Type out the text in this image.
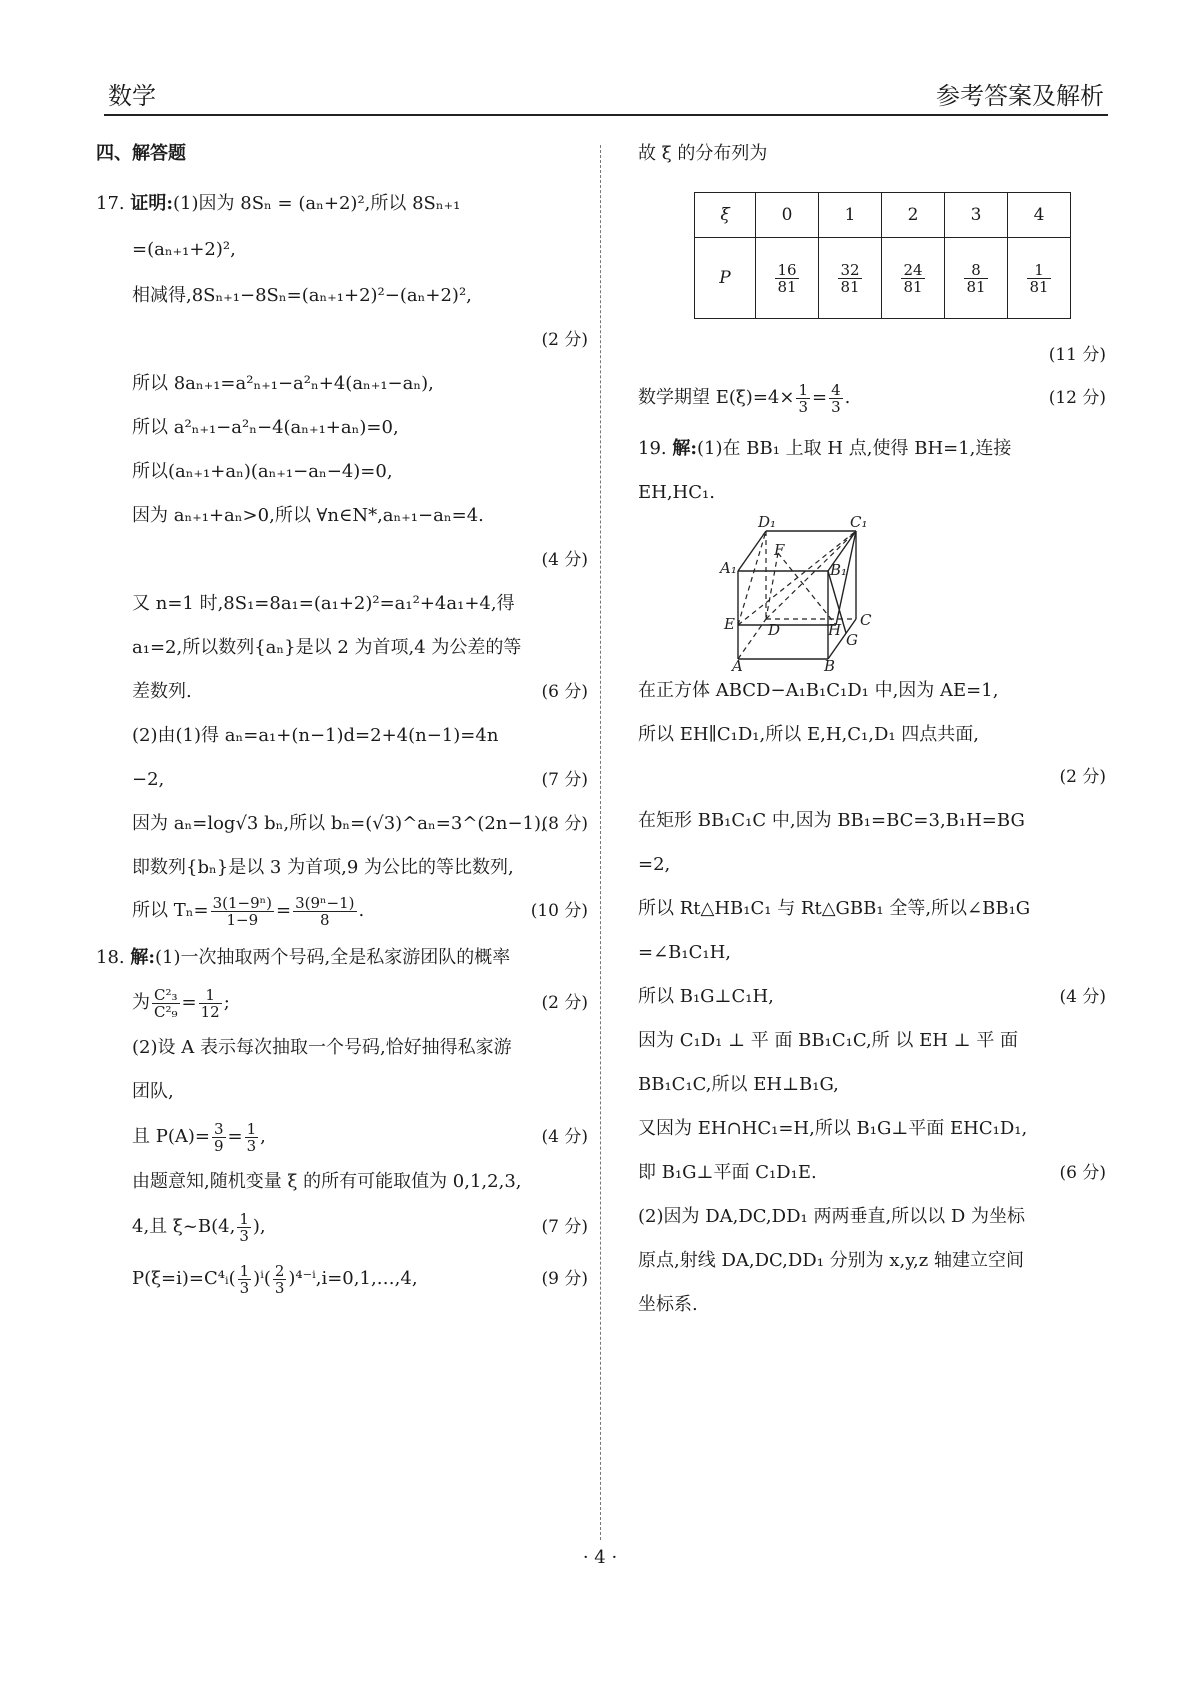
数学	参考答案及解析
四、解答题
17. 证明:(1)因为 8Sₙ = (aₙ+2)²,所以 8Sₙ₊₁
=(aₙ₊₁+2)²,
相减得,8Sₙ₊₁−8Sₙ=(aₙ₊₁+2)²−(aₙ+2)²,
(2 分)

所以 8aₙ₊₁=a²ₙ₊₁−a²ₙ+4(aₙ₊₁−aₙ),
所以 a²ₙ₊₁−a²ₙ−4(aₙ₊₁+aₙ)=0,
所以(aₙ₊₁+aₙ)(aₙ₊₁−aₙ−4)=0,
因为 aₙ₊₁+aₙ>0,所以 ∀n∈N*,aₙ₊₁−aₙ=4.
(4 分)

又 n=1 时,8S₁=8a₁=(a₁+2)²=a₁²+4a₁+4,得
a₁=2,所以数列{aₙ}是以 2 为首项,4 为公差的等
差数列.	(6 分)
(2)由(1)得 aₙ=a₁+(n−1)d=2+4(n−1)=4n
−2,	(7 分)
因为 aₙ=log√3 bₙ,所以 bₙ=(√3)^aₙ=3^(2n−1),
(8 分)
即数列{bₙ}是以 3 为首项,9 为公比的等比数列,
所以 $T_n= \frac{\text{3(1−9ⁿ)}}{1-9} = \frac{\text{3(9ⁿ−1)}}{8}$ .	(10 分)
18. 解:(1)一次抽取两个号码,全是私家游团队的概率
为 $\frac{\text{C²₃}}{\text{C²₉}} = \frac{1}{12}$ ;	(2 分)
(2)设 A 表示每次抽取一个号码,恰好抽得私家游
团队,
且 $P(A)= \frac{3}{9} = \frac{1}{3}$ ,	(4 分)
由题意知,随机变量 ξ 的所有可能取值为 0,1,2,3,
4,且 ξ~B(4, $\frac{1}{3}$ ),	(7 分)
P(ξ=i)=C⁴ᵢ( $\frac{1}{3} )^i( \frac{2}{3}$ )⁴⁻ⁱ,i=0,1,…,4,	(9 分)
故 ξ 的分布列为
ξ	0	1	2	3	4
P	$\frac{16}{81}$	$\frac{32}{81}$	$\frac{24}{81}$	$\frac{8}{81}$	$\frac{1}{81}$
(11 分)

数学期望 $E(\xi)=4\times \frac{1}{3} = \frac{4}{3}$ .	(12 分)
19. 解:(1)在 BB₁ 上取 H 点,使得 BH=1,连接
EH,HC₁.
D₁	C₁
A₁
F
B₁
E D	H
C
G
A	B
在正方体 ABCD−A₁B₁C₁D₁ 中,因为 AE=1,
所以 EH∥C₁D₁,所以 E,H,C₁,D₁ 四点共面,
(2 分)

在矩形 BB₁C₁C 中,因为 BB₁=BC=3,B₁H=BG
=2,
所以 Rt△HB₁C₁ 与 Rt△GBB₁ 全等,所以∠BB₁G
=∠B₁C₁H,
所以 B₁G⊥C₁H,	(4 分)
因为 C₁D₁ ⊥ 平 面 BB₁C₁C,所 以 EH ⊥ 平 面
BB₁C₁C,所以 EH⊥B₁G,
又因为 EH∩HC₁=H,所以 B₁G⊥平面 EHC₁D₁,
即 B₁G⊥平面 C₁D₁E.	(6 分)
(2)因为 DA,DC,DD₁ 两两垂直,所以以 D 为坐标
原点,射线 DA,DC,DD₁ 分别为 x,y,z 轴建立空间
坐标系.
· 4 ·
